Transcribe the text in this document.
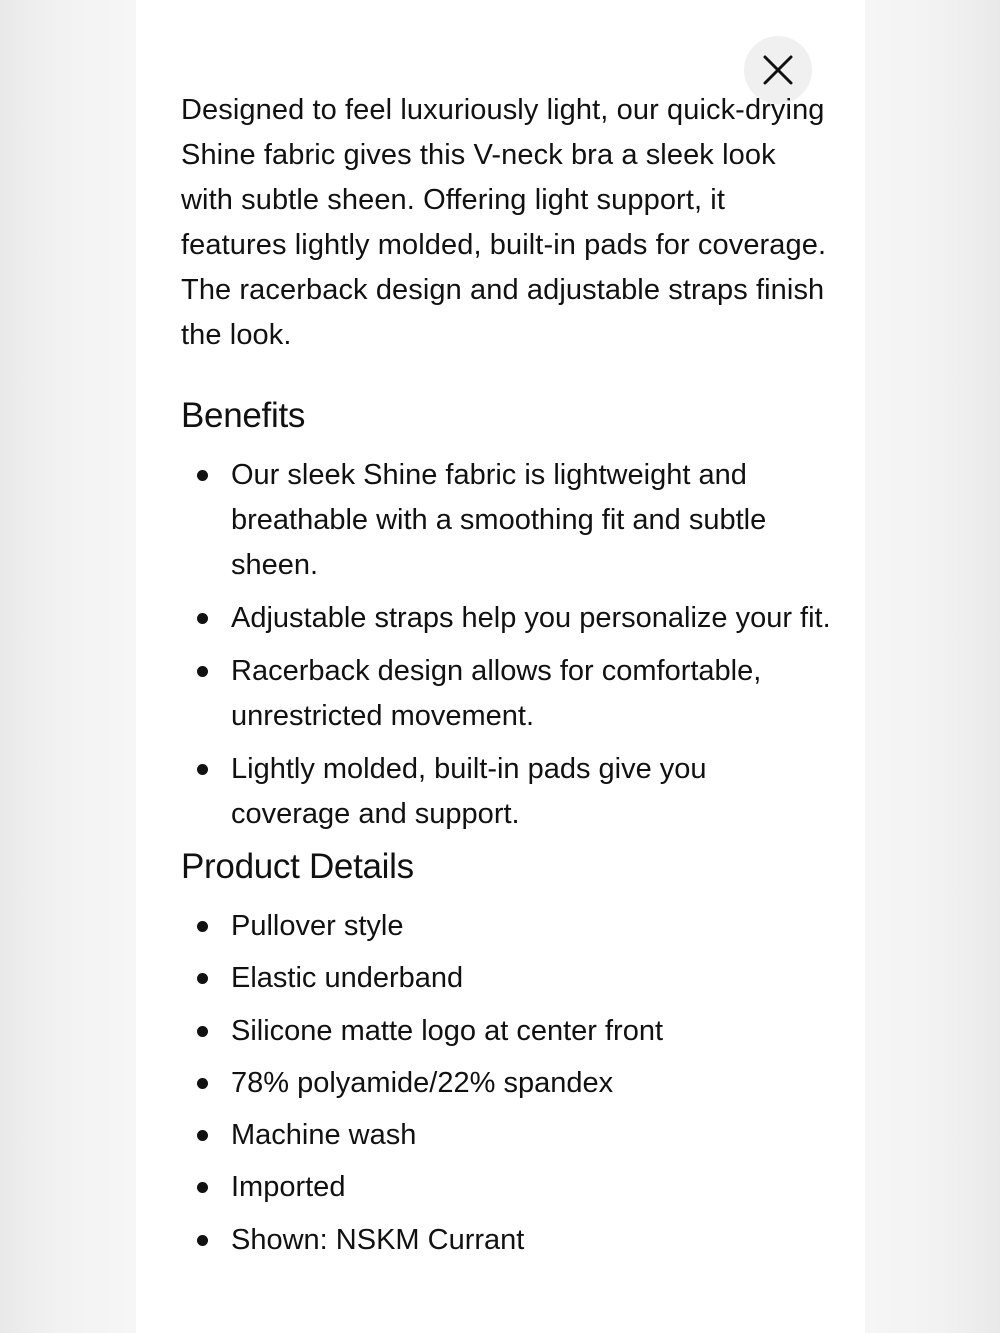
Designed to feel luxuriously light, our quick-drying Shine fabric gives this V-neck bra a sleek look with subtle sheen. Offering light support, it features lightly molded, built-in pads for coverage. The racerback design and adjustable straps finish the look.

Benefits
Our sleek Shine fabric is lightweight and breathable with a smoothing fit and subtle sheen.
Adjustable straps help you personalize your fit.
Racerback design allows for comfortable, unrestricted movement.
Lightly molded, built-in pads give you coverage and support.
Product Details
Pullover style
Elastic underband
Silicone matte logo at center front
78% polyamide/22% spandex
Machine wash
Imported
Shown: NSKM Currant
